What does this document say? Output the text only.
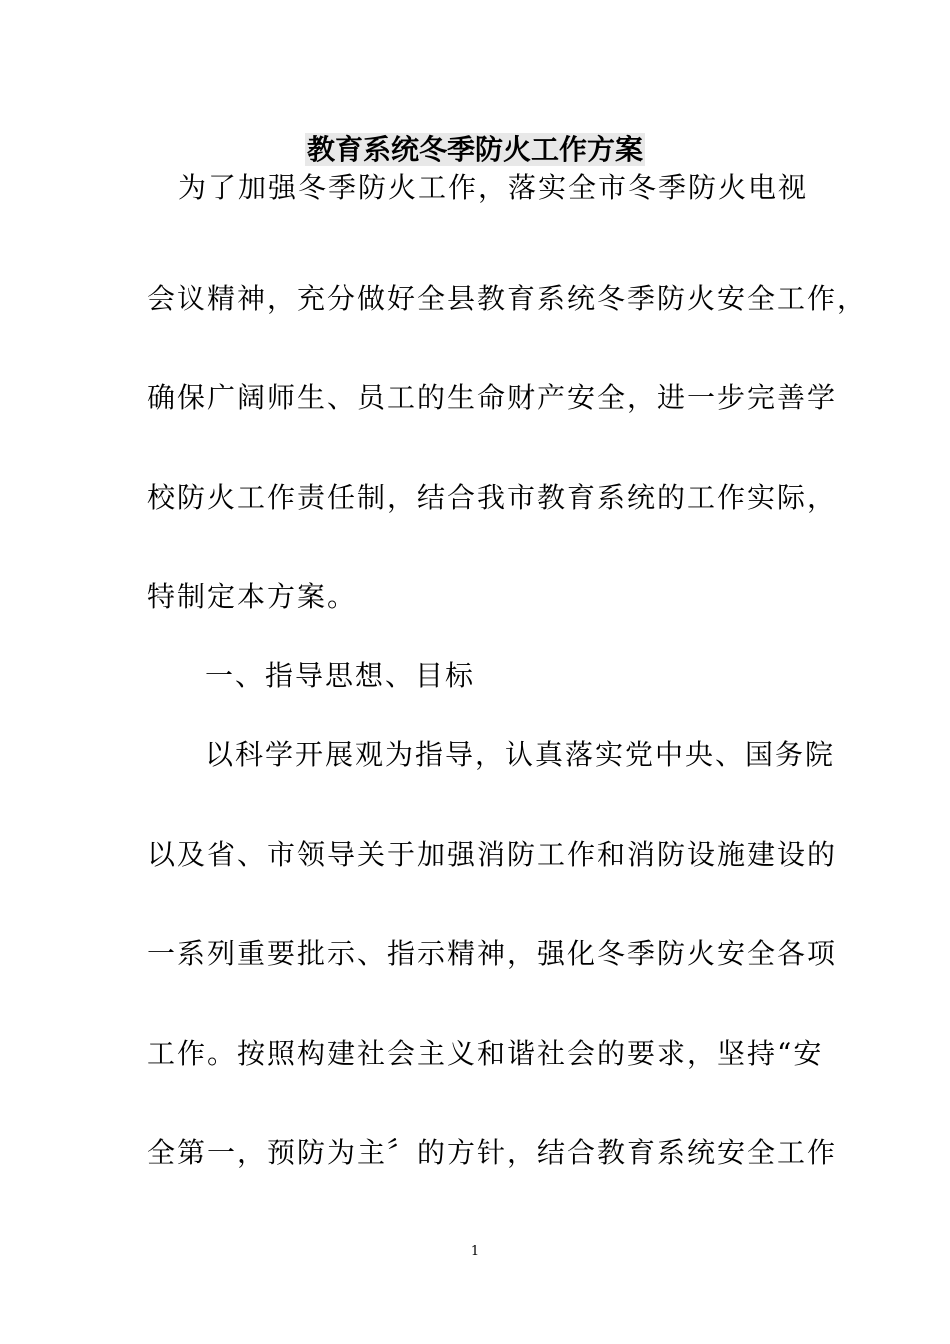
教育系统冬季防火工作方案
为了加强冬季防火工作，落实全市冬季防火电视
会议精神，充分做好全县教育系统冬季防火安全工作，
确保广阔师生、员工的生命财产安全，进一步完善学
校防火工作责任制，结合我市教育系统的工作实际，
特制定本方案。
一、指导思想、目标
以科学开展观为指导，认真落实党中央、国务院
以及省、市领导关于加强消防工作和消防设施建设的
一系列重要批示、指示精神，强化冬季防火安全各项
工作。按照构建社会主义和谐社会的要求，坚持“安
全第一，预防为主〞的方针，结合教育系统安全工作
1
